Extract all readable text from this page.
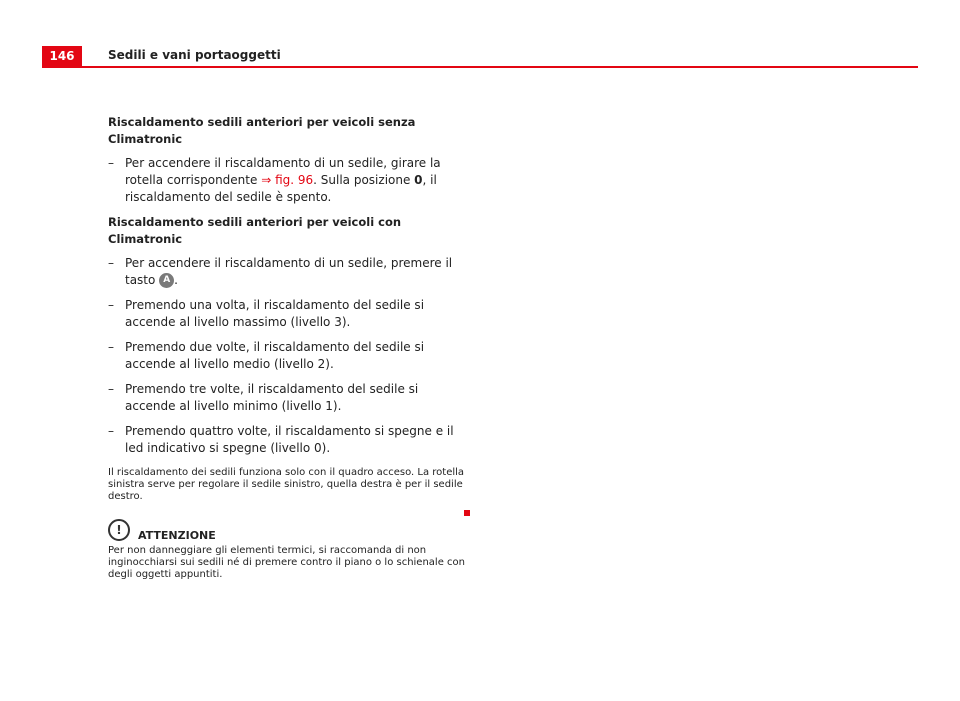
146	Sedili e vani portaoggetti
Riscaldamento sedili anteriori per veicoli senza Climatronic
– Per accendere il riscaldamento di un sedile, girare la rotella corrispondente ⇒ fig. 96. Sulla posizione 0, il riscaldamento del sedile è spento.
Riscaldamento sedili anteriori per veicoli con Climatronic
– Per accendere il riscaldamento di un sedile, premere il tasto A .
– Premendo una volta, il riscaldamento del sedile si accende al livello massimo (livello 3).
– Premendo due volte, il riscaldamento del sedile si accende al livello medio (livello 2).
– Premendo tre volte, il riscaldamento del sedile si accende al livello minimo (livello 1).
– Premendo quattro volte, il riscaldamento si spegne e il led indicativo si spegne (livello 0).
Il riscaldamento dei sedili funziona solo con il quadro acceso. La rotella sinistra serve per regolare il sedile sinistro, quella destra è per il sedile destro.
!	ATTENZIONE
Per non danneggiare gli elementi termici, si raccomanda di non inginocchiarsi sui sedili né di premere contro il piano o lo schienale con degli oggetti appuntiti.
